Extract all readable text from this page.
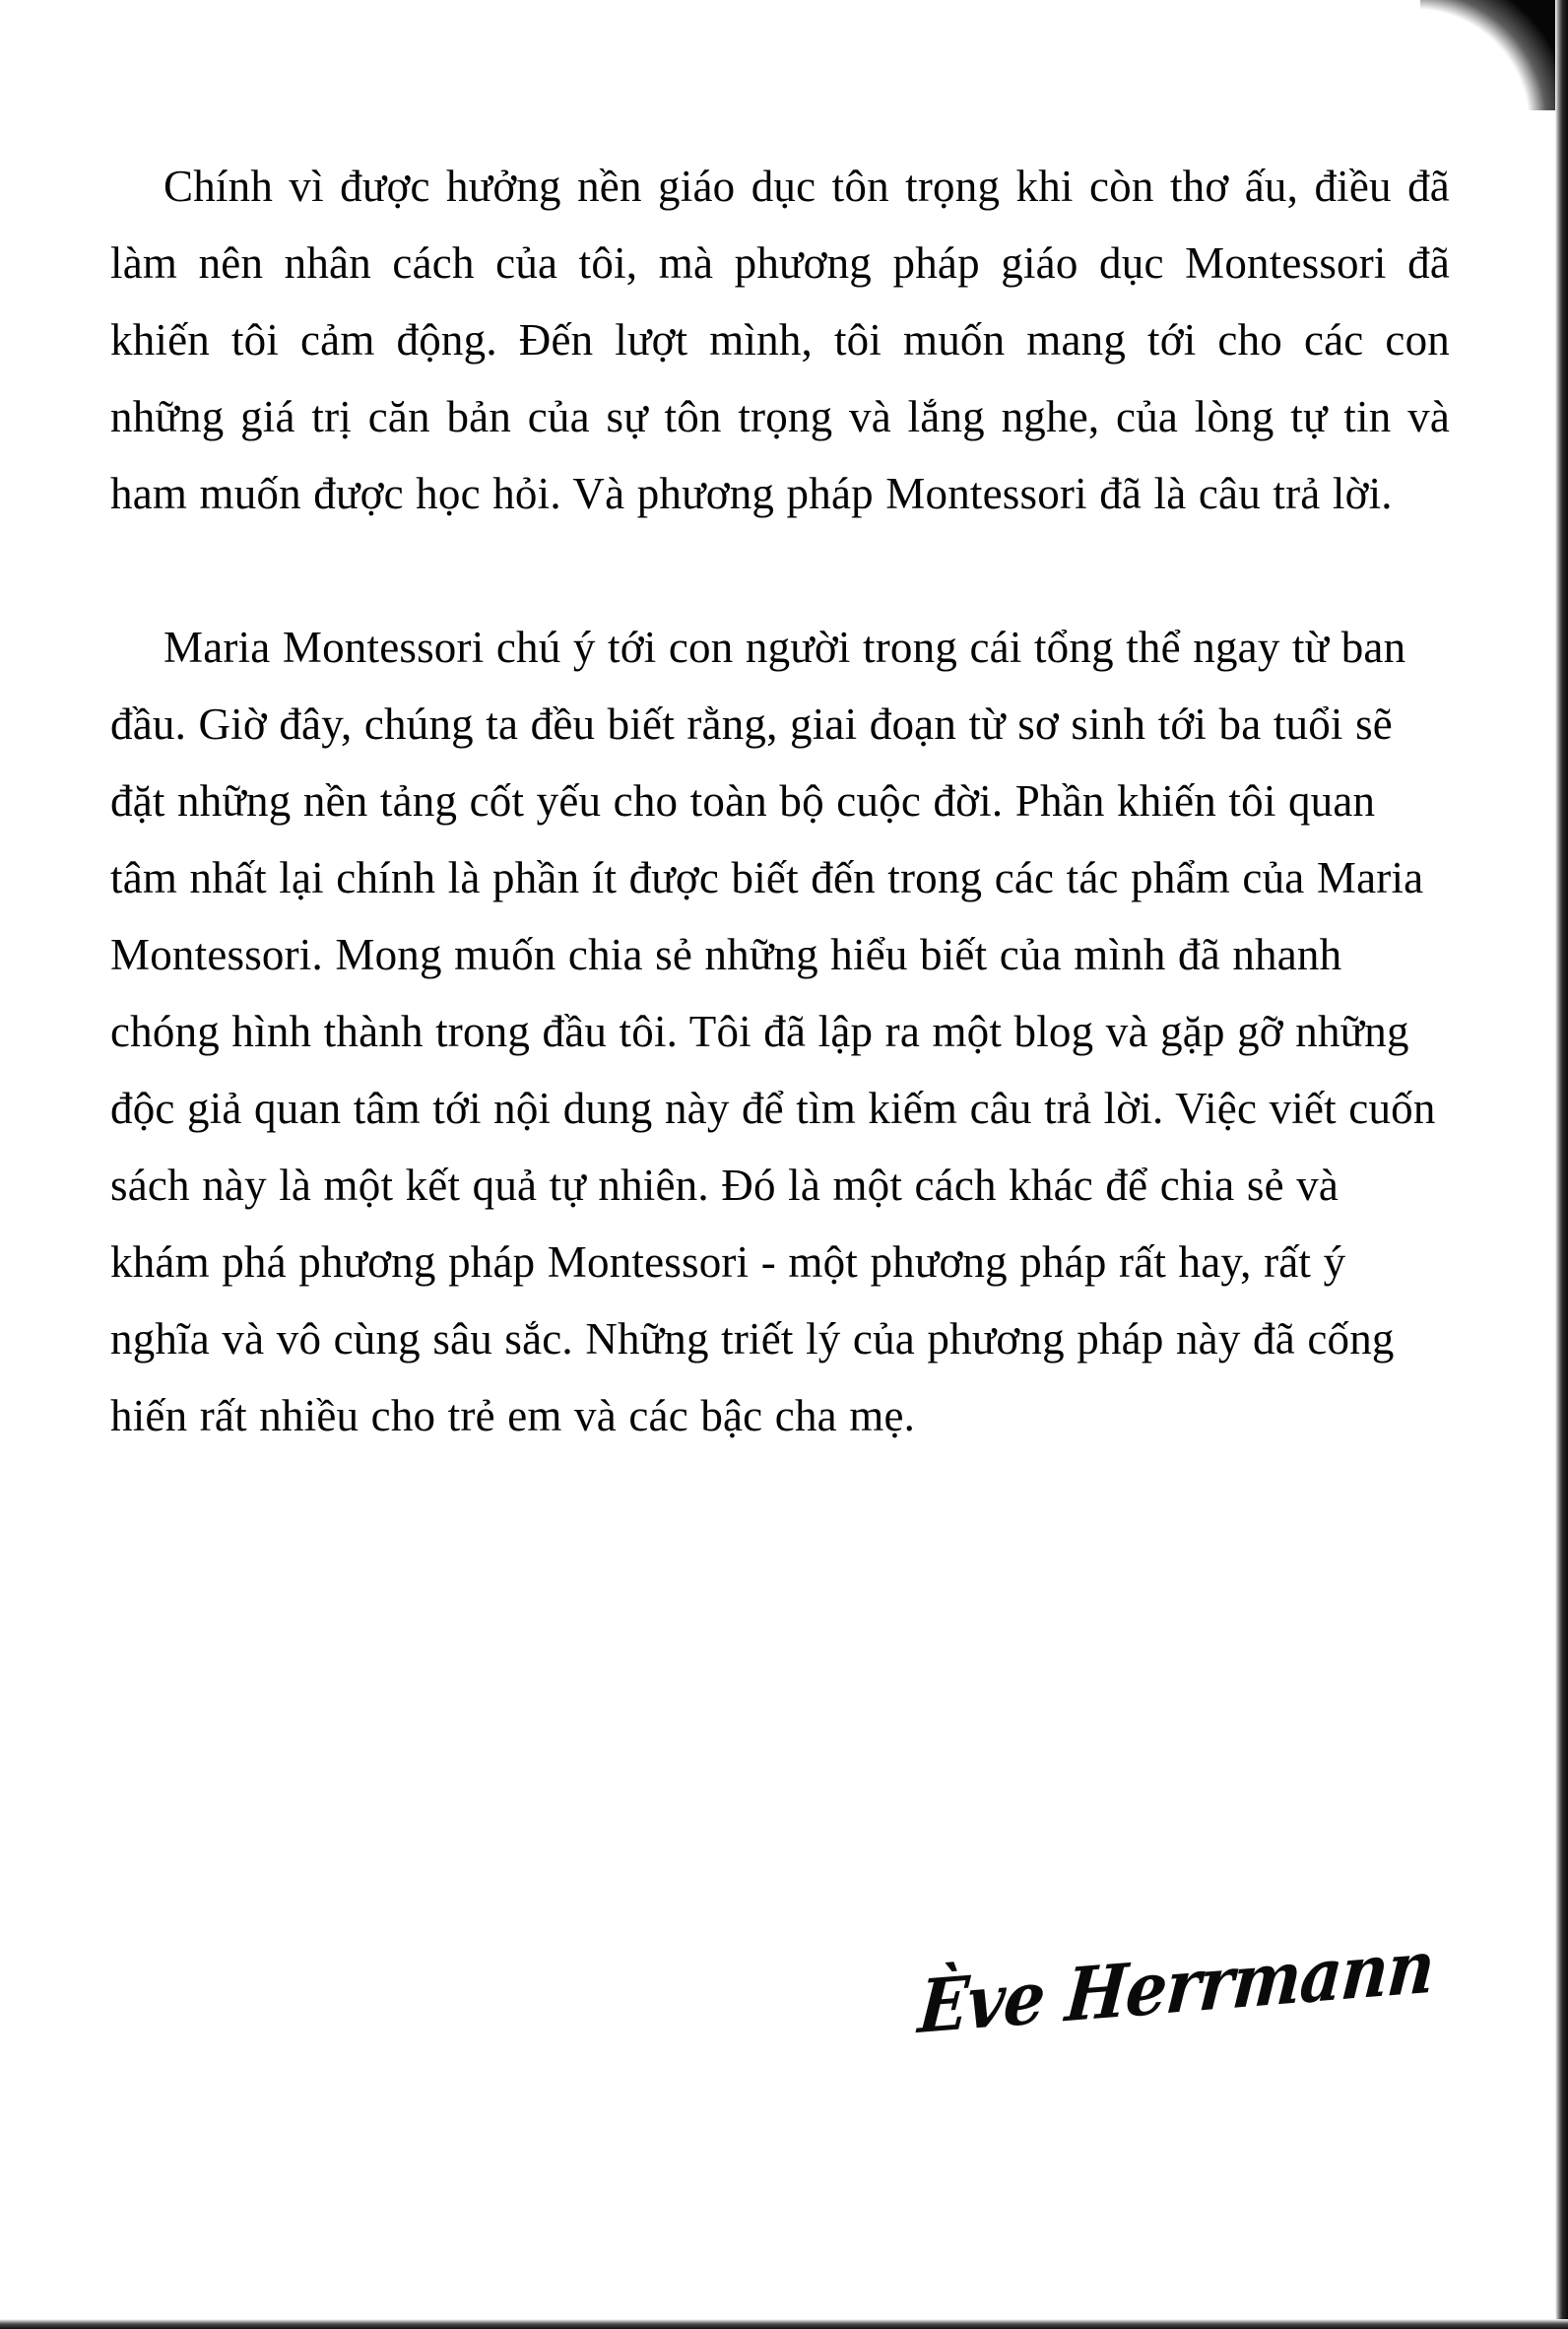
Chính vì được hưởng nền giáo dục tôn trọng khi còn thơ ấu, điều đã làm nên nhân cách của tôi, mà phương pháp giáo dục Montessori đã khiến tôi cảm động. Đến lượt mình, tôi muốn mang tới cho các con những giá trị căn bản của sự tôn trọng và lắng nghe, của lòng tự tin và ham muốn được học hỏi. Và phương pháp Montessori đã là câu trả lời.

Maria Montessori chú ý tới con người trong cái tổng thể ngay từ ban đầu. Giờ đây, chúng ta đều biết rằng, giai đoạn từ sơ sinh tới ba tuổi sẽ đặt những nền tảng cốt yếu cho toàn bộ cuộc đời. Phần khiến tôi quan tâm nhất lại chính là phần ít được biết đến trong các tác phẩm của Maria Montessori. Mong muốn chia sẻ những hiểu biết của mình đã nhanh chóng hình thành trong đầu tôi. Tôi đã lập ra một blog và gặp gỡ những độc giả quan tâm tới nội dung này để tìm kiếm câu trả lời. Việc viết cuốn sách này là một kết quả tự nhiên. Đó là một cách khác để chia sẻ và khám phá phương pháp Montessori - một phương pháp rất hay, rất ý nghĩa và vô cùng sâu sắc. Những triết lý của phương pháp này đã cống hiến rất nhiều cho trẻ em và các bậc cha mẹ.

Ève Herrmann
